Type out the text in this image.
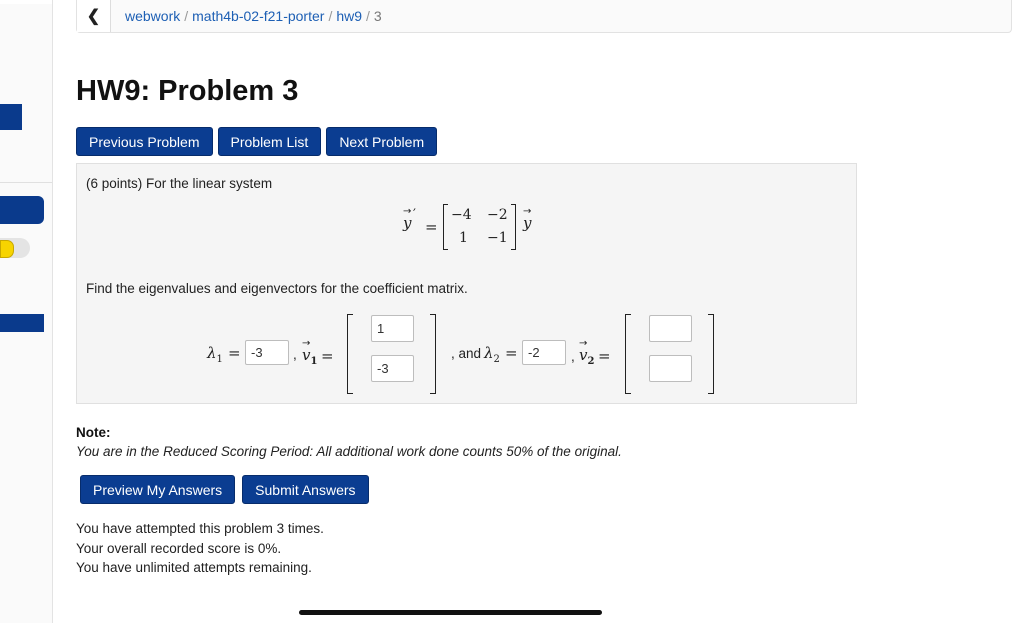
❮ webwork / math4b-02-f21-porter / hw9 / 3
HW9: Problem 3
Previous Problem	Problem List	Next Problem
(6 points) For the linear system
→
y ′
=
−4 −2
1 −1
→
y
Find the eigenvalues and eigenvectors for the coefficient matrix.
$\lambda_1$ =
-3	,
→
$v_1$ =
1
-3	, and $\lambda_2$ =
-2	,
→
$v_2$ =
Note:
You are in the Reduced Scoring Period: All additional work done counts 50% of the original.
Preview My Answers	Submit Answers
You have attempted this problem 3 times.
Your overall recorded score is 0%.
You have unlimited attempts remaining.
